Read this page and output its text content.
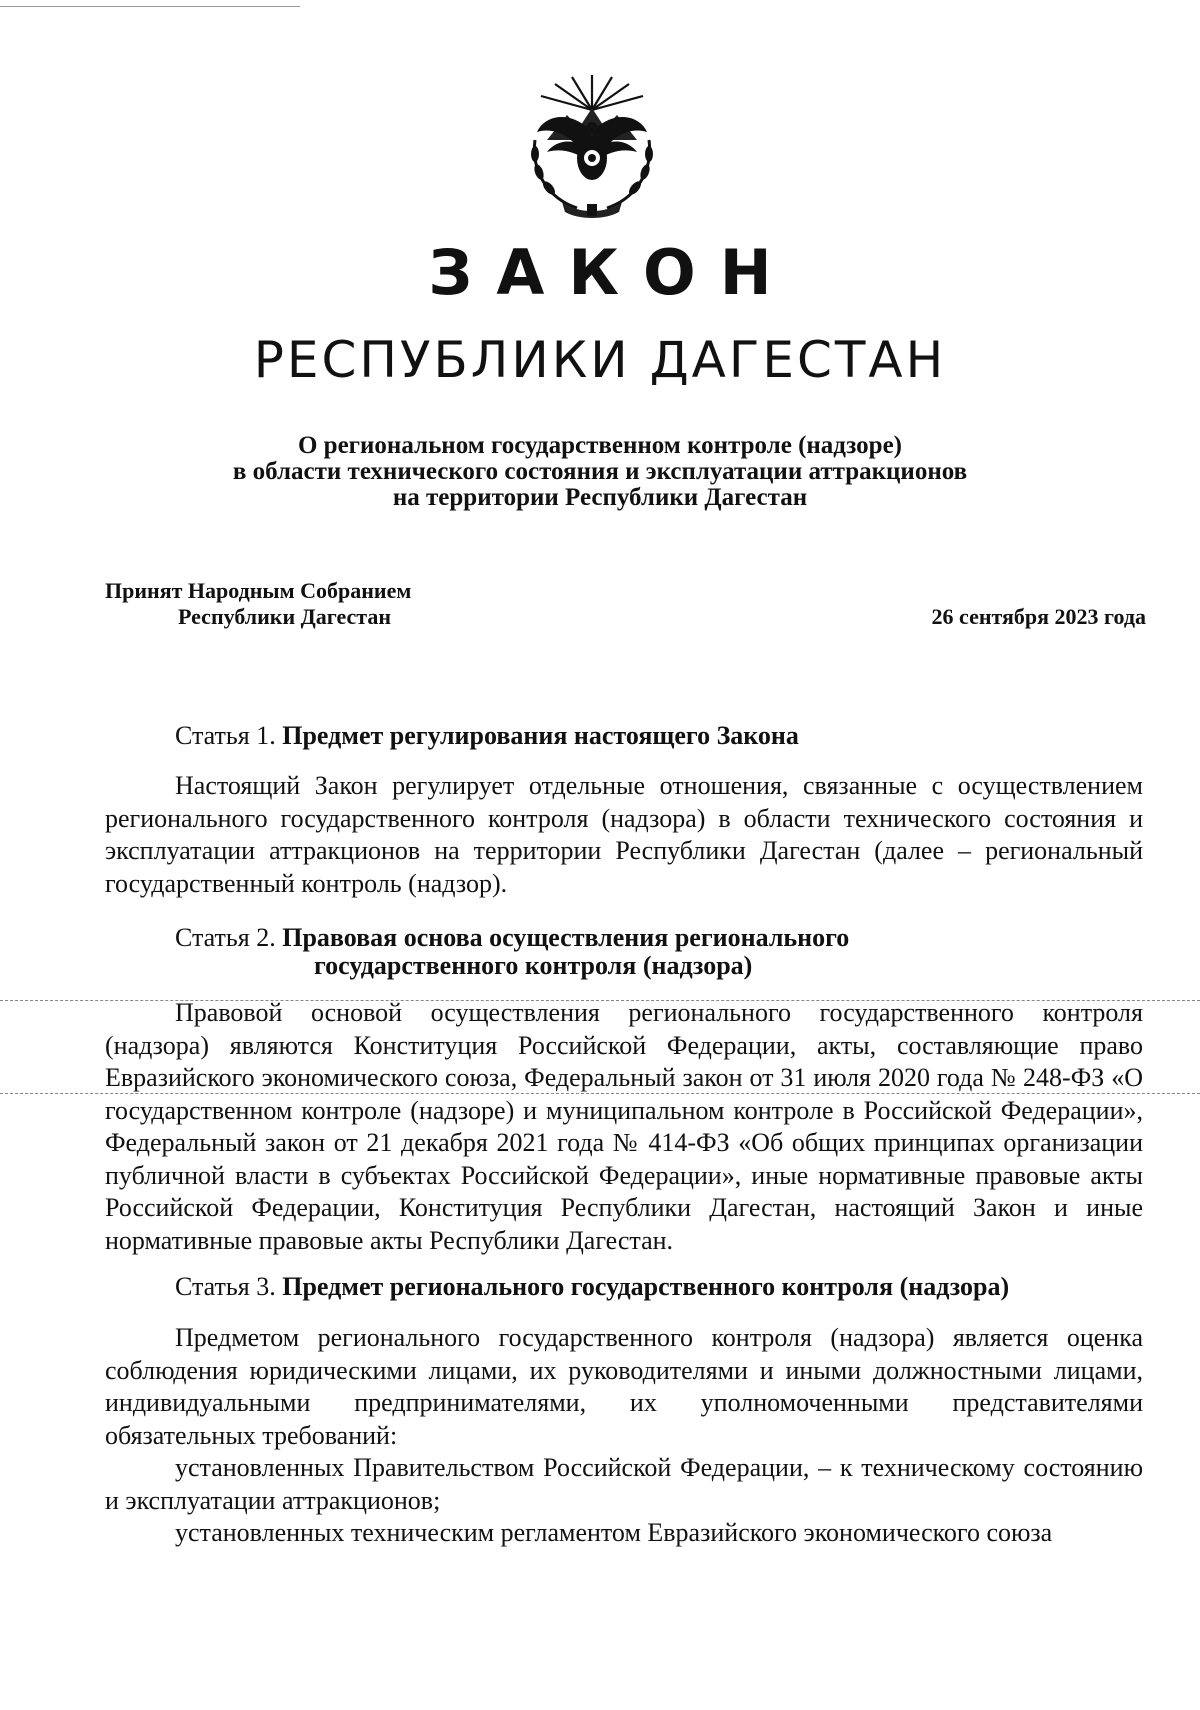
ЗАКОН
РЕСПУБЛИКИ ДАГЕСТАН
О региональном государственном контроле (надзоре)
в области технического состояния и эксплуатации аттракционов
на территории Республики Дагестан
Принят Народным Собранием
Республики Дагестан	26 сентября 2023 года
Статья 1. Предмет регулирования настоящего Закона

Настоящий Закон регулирует отдельные отношения, связанные с осуществлением регионального государственного контроля (надзора) в области технического состояния и эксплуатации аттракционов на территории Республики Дагестан (далее – региональный государственный контроль (надзор).

Статья 2. Правовая основа осуществления регионального
государственного контроля (надзора)

Правовой основой осуществления регионального государственного контроля (надзора) являются Конституция Российской Федерации, акты, составляющие право Евразийского экономического союза, Федеральный закон от 31 июля 2020 года № 248-ФЗ «О государственном контроле (надзоре) и муниципальном контроле в Российской Федерации», Федеральный закон от 21 декабря 2021 года № 414-ФЗ «Об общих принципах организации публичной власти в субъектах Российской Федерации», иные нормативные правовые акты Российской Федерации, Конституция Республики Дагестан, настоящий Закон и иные нормативные правовые акты Республики Дагестан.

Статья 3. Предмет регионального государственного контроля (надзора)

Предметом регионального государственного контроля (надзора) является оценка соблюдения юридическими лицами, их руководителями и иными должностными лицами, индивидуальными предпринимателями, их уполномоченными представителями обязательных требований:

установленных Правительством Российской Федерации, – к техническому состоянию и эксплуатации аттракционов;

установленных техническим регламентом Евразийского экономического союза
